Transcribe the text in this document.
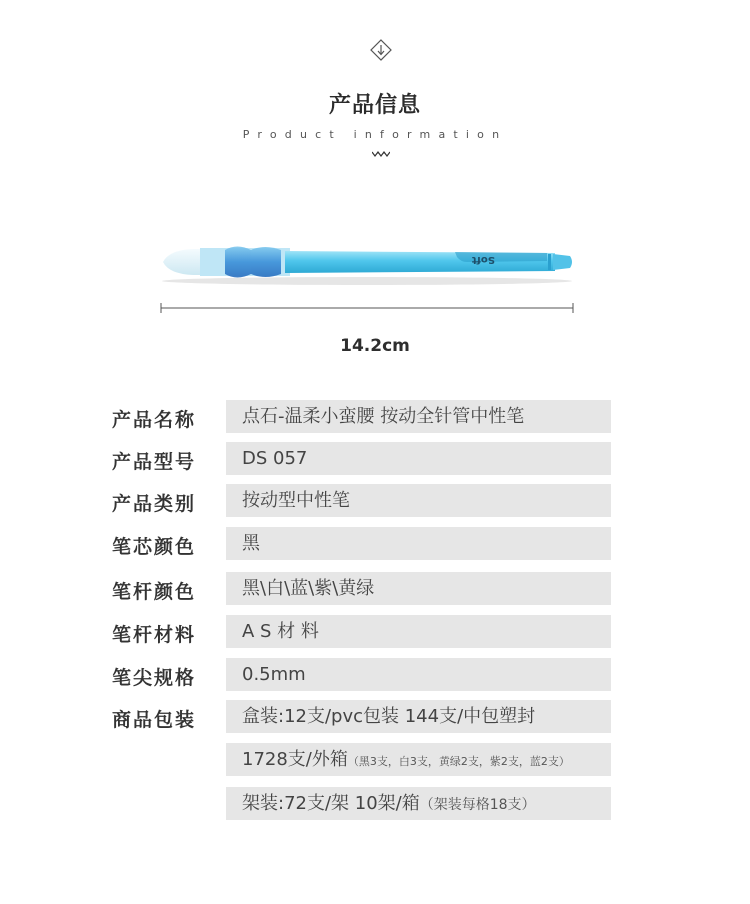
产品信息
Product information
Soft
14.2cm
产品名称	点石-温柔小蛮腰 按动全针管中性笔
产品型号	DS 057
产品类别	按动型中性笔
笔芯颜色	黑
笔杆颜色	黑\白\蓝\紫\黄绿
笔杆材料	A S 材 料
笔尖规格	0.5mm
商品包装	盒装:12支/pvc包装 144支/中包塑封
1728支/外箱（黑3支，白3支，黄绿2支，紫2支，蓝2支）
架装:72支/架 10架/箱（架装每格18支）
